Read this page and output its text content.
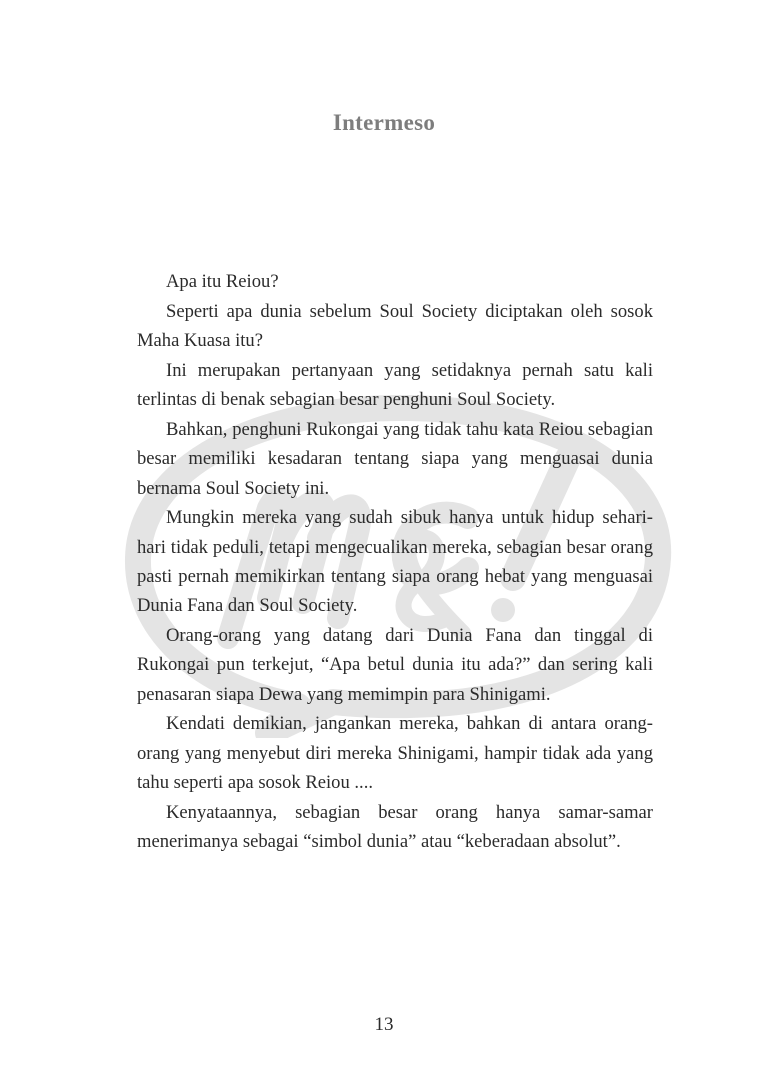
Intermeso

Apa itu Reiou?

Seperti apa dunia sebelum Soul Society diciptakan oleh sosok Maha Kuasa itu?

Ini merupakan pertanyaan yang setidaknya pernah satu kali terlintas di benak sebagian besar penghuni Soul Society.

Bahkan, penghuni Rukongai yang tidak tahu kata Reiou sebagian besar memiliki kesadaran tentang siapa yang menguasai dunia bernama Soul Society ini.

Mungkin mereka yang sudah sibuk hanya untuk hidup sehari-hari tidak peduli, tetapi mengecualikan mereka, sebagian besar orang pasti pernah memikirkan tentang siapa orang hebat yang menguasai Dunia Fana dan Soul Society.

Orang-orang yang datang dari Dunia Fana dan tinggal di Rukongai pun terkejut, “Apa betul dunia itu ada?” dan sering kali penasaran siapa Dewa yang memimpin para Shinigami.

Kendati demikian, jangankan mereka, bahkan di antara orang-orang yang menyebut diri mereka Shinigami, hampir tidak ada yang tahu seperti apa sosok Reiou ....

Kenyataannya, sebagian besar orang hanya samar-samar menerimanya sebagai “simbol dunia” atau “keberadaan absolut”.

13
